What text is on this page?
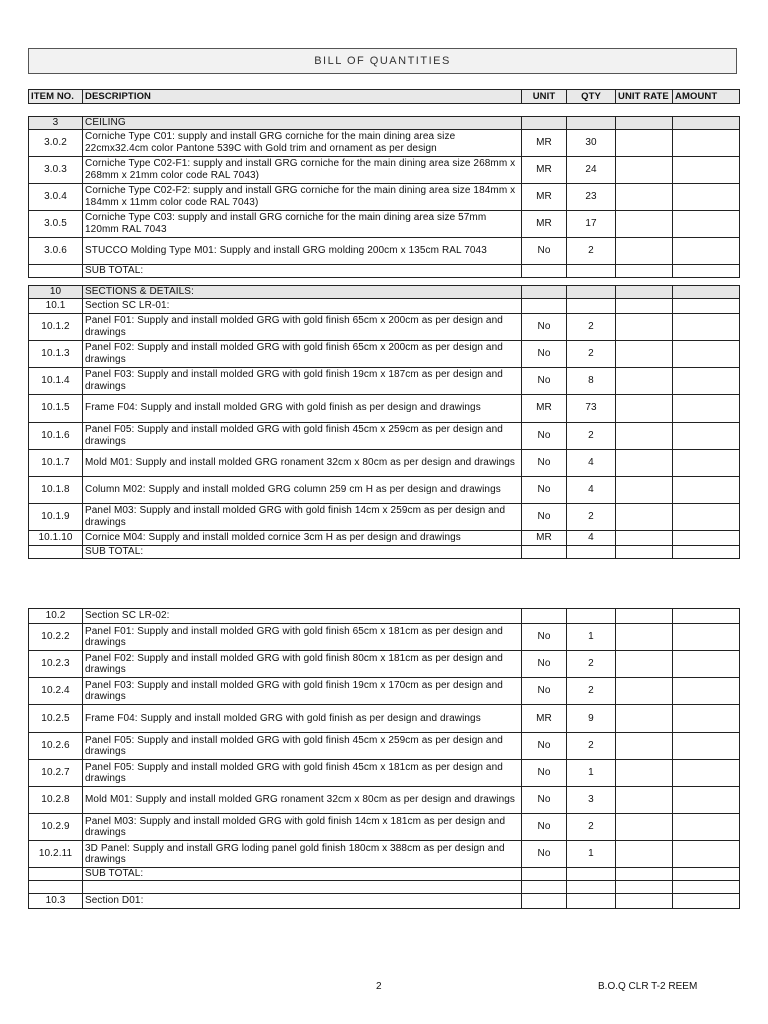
BILL OF QUANTITIES
ITEM NO.	DESCRIPTION	UNIT	QTY	UNIT RATE	AMOUNT
3	CEILING				
3.0.2	Corniche Type C01: supply and install GRG corniche for the main dining area size 22cmx32.4cm color Pantone 539C with Gold trim and ornament as per design	MR	30		
3.0.3	Corniche Type C02-F1: supply and install GRG corniche for the main dining area size 268mm x 268mm x 21mm color code RAL 7043)	MR	24		
3.0.4	Corniche Type C02-F2: supply and install GRG corniche for the main dining area size 184mm x 184mm x 11mm color code RAL 7043)	MR	23		
3.0.5	Corniche Type C03: supply and install GRG corniche for the main dining area size 57mm 120mm RAL 7043	MR	17		
3.0.6	STUCCO Molding Type M01: Supply and install GRG molding 200cm x 135cm RAL 7043	No	2		
	SUB TOTAL:				
10	SECTIONS & DETAILS:				
10.1	Section SC LR-01:				
10.1.2	Panel F01: Supply and install molded GRG with gold finish 65cm x 200cm as per design and drawings	No	2		
10.1.3	Panel F02: Supply and install molded GRG with gold finish 65cm x 200cm as per design and drawings	No	2		
10.1.4	Panel F03: Supply and install molded GRG with gold finish 19cm x 187cm as per design and drawings	No	8		
10.1.5	Frame F04: Supply and install molded GRG with gold finish as per design and drawings	MR	73		
10.1.6	Panel F05: Supply and install molded GRG with gold finish 45cm x 259cm as per design and drawings	No	2		
10.1.7	Mold M01: Supply and install molded GRG ronament 32cm x 80cm as per design and drawings	No	4		
10.1.8	Column M02: Supply and install molded GRG column 259 cm H as per design and drawings	No	4		
10.1.9	Panel M03: Supply and install molded GRG with gold finish 14cm x 259cm as per design and drawings	No	2		
10.1.10	Cornice M04: Supply and install molded cornice 3cm H as per design and drawings	MR	4		
	SUB TOTAL:				
10.2	Section SC LR-02:				
10.2.2	Panel F01: Supply and install molded GRG with gold finish 65cm x 181cm as per design and drawings	No	1		
10.2.3	Panel F02: Supply and install molded GRG with gold finish 80cm x 181cm as per design and drawings	No	2		
10.2.4	Panel F03: Supply and install molded GRG with gold finish 19cm x 170cm as per design and drawings	No	2		
10.2.5	Frame F04: Supply and install molded GRG with gold finish as per design and drawings	MR	9		
10.2.6	Panel F05: Supply and install molded GRG with gold finish 45cm x 259cm as per design and drawings	No	2		
10.2.7	Panel F05: Supply and install molded GRG with gold finish 45cm x 181cm as per design and drawings	No	1		
10.2.8	Mold M01: Supply and install molded GRG ronament 32cm x 80cm as per design and drawings	No	3		
10.2.9	Panel M03: Supply and install molded GRG with gold finish 14cm x 181cm as per design and drawings	No	2		
10.2.11	3D Panel: Supply and install GRG loding panel gold finish 180cm x 388cm as per design and drawings	No	1		
	SUB TOTAL:				

10.3	Section D01:				
2	B.O.Q CLR T-2 REEM
